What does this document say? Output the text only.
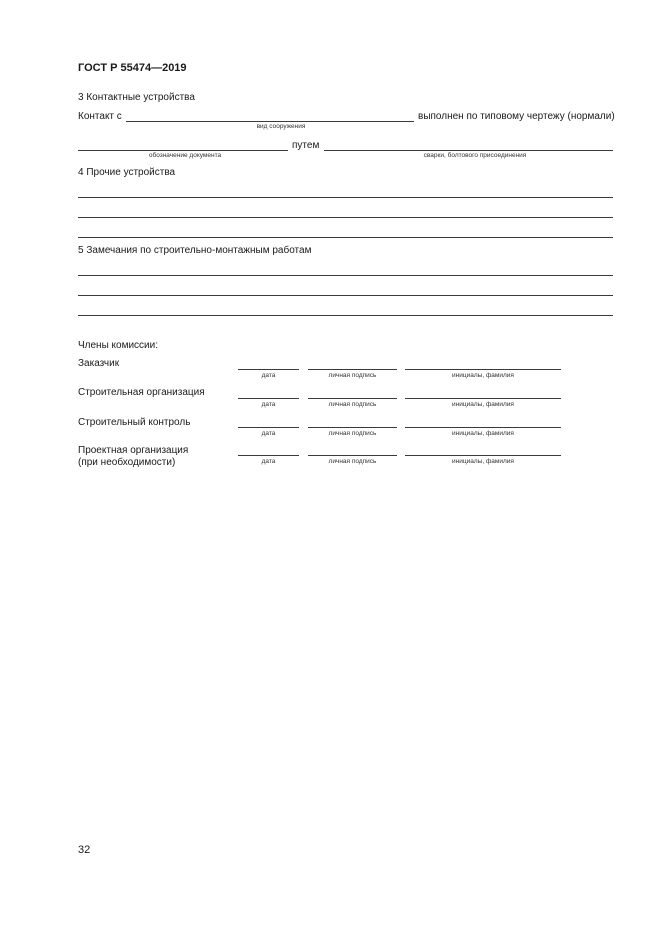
ГОСТ Р 55474—2019
3 Контактные устройства
Контакт с	выполнен по типовому чертежу (нормали)
вид сооружения
путем
обозначение документа	сварки, болтового присоединения
4 Прочие устройства
5 Замечания по строительно-монтажным работам
Члены комиссии:
Заказчик
дата	личная подпись	инициалы, фамилия
Строительная организация
дата	личная подпись	инициалы, фамилия
Строительный контроль
дата	личная подпись	инициалы, фамилия
Проектная организация
(при необходимости)	дата	личная подпись	инициалы, фамилия
32
